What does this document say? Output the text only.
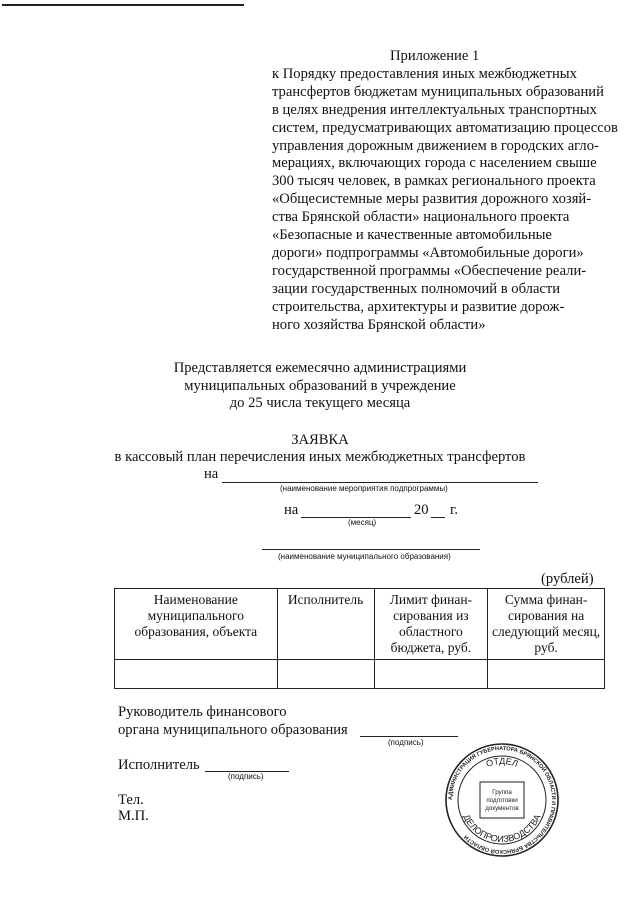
Приложение 1
к Порядку предоставления иных межбюджетных
трансфертов бюджетам муниципальных образований
в целях внедрения интеллектуальных транспортных
систем, предусматривающих автоматизацию процессов
управления дорожным движением в городских агло-
мерациях, включающих города с населением свыше
300 тысяч человек, в рамках регионального проекта
«Общесистемные меры развития дорожного хозяй-
ства Брянской области» национального проекта
«Безопасные и качественные автомобильные
дороги» подпрограммы «Автомобильные дороги»
государственной программы «Обеспечение реали-
зации государственных полномочий в области
строительства, архитектуры и развитие дорож-
ного хозяйства Брянской области»
Представляется ежемесячно администрациями
муниципальных образований в учреждение
до 25 числа текущего месяца
ЗАЯВКА
в кассовый план перечисления иных межбюджетных трансфертов
на
(наименование мероприятия подпрограммы)
на	20 г.
(месяц)
(наименование муниципального образования)
(рублей)
Наименование муниципального образования, объекта	Исполнитель	Лимит финан- сирования из областного бюджета, руб.	Сумма финан- сирования на следующий месяц, руб.

Руководитель финансового
органа муниципального образования
(подпись)
Исполнитель
(подпись)
Тел.
М.П.
АДМИНИСТРАЦИЯ ГУБЕРНАТОРА БРЯНСКОЙ ОБЛАСТИ И ПРАВИТЕЛЬСТВА БРЯНСКОЙ ОБЛАСТИ
ОТДЕЛ
ДЕЛОПРОИЗВОДСТВА
Группа
подготовки
документов
